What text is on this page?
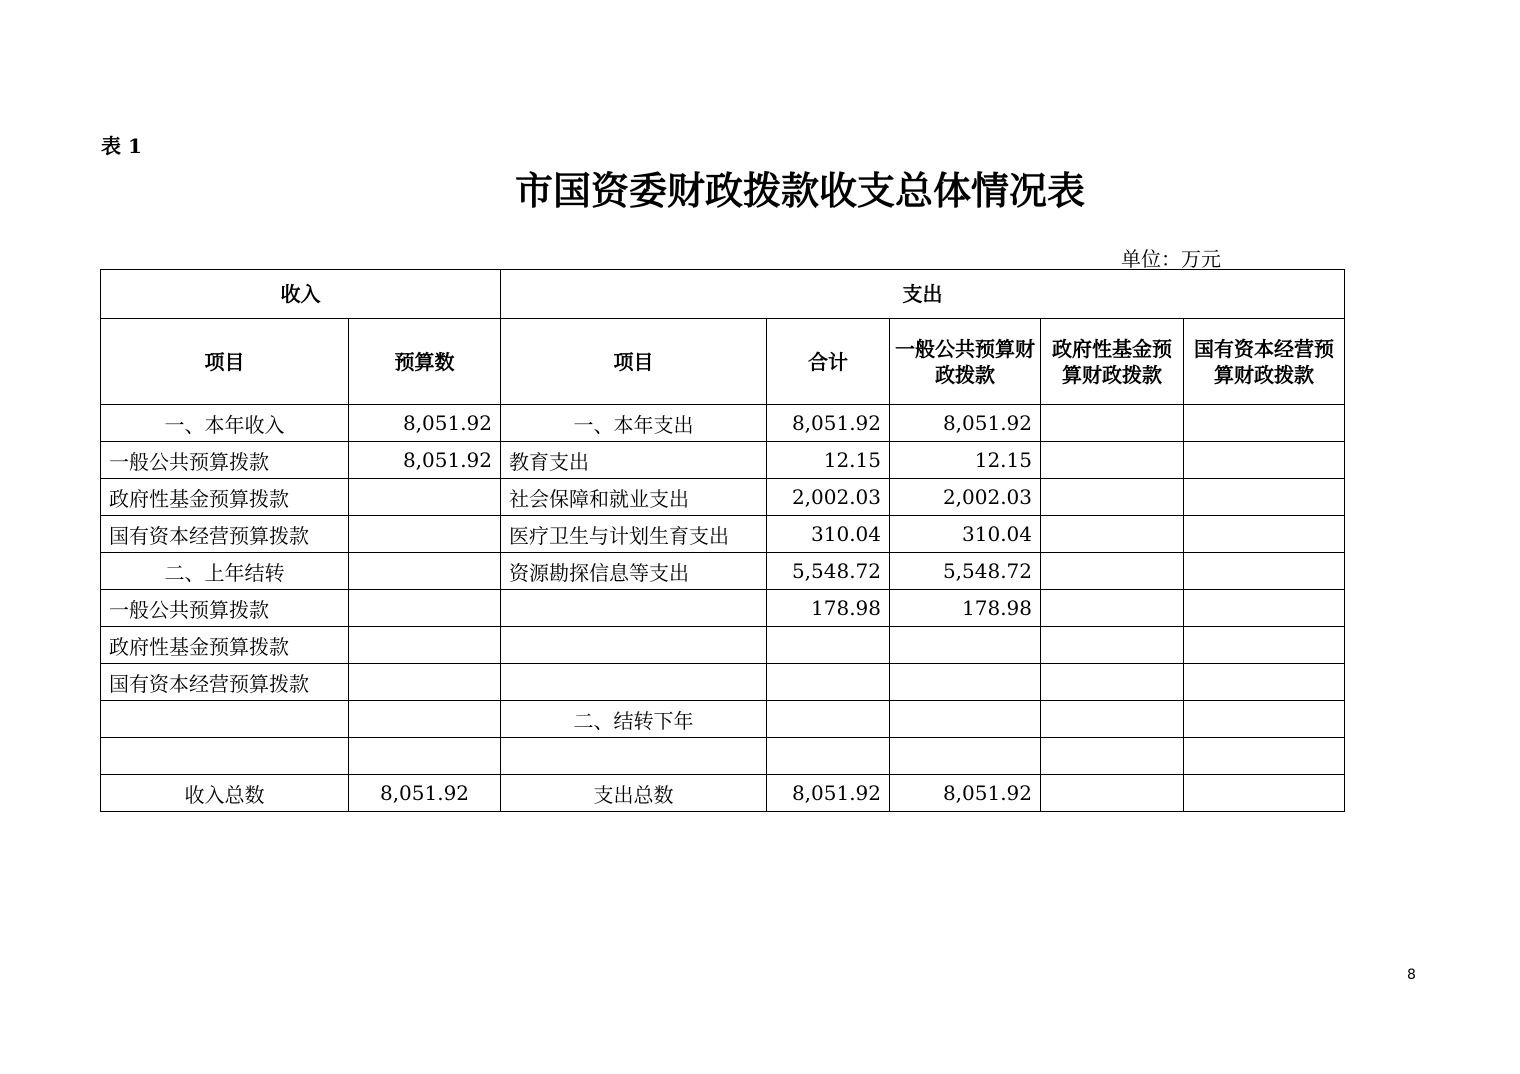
表 1
市国资委财政拨款收支总体情况表
单位：万元
收入		支出				
项目	预算数	项目	合计	一般公共预算财政拨款	政府性基金预算财政拨款	国有资本经营预算财政拨款
一、本年收入	8,051.92	一、本年支出	8,051.92	8,051.92		
一般公共预算拨款	8,051.92	教育支出	12.15	12.15		
政府性基金预算拨款		社会保障和就业支出	2,002.03	2,002.03		
国有资本经营预算拨款		医疗卫生与计划生育支出	310.04	310.04		
二、上年结转		资源勘探信息等支出	5,548.72	5,548.72		
一般公共预算拨款			178.98	178.98		
政府性基金预算拨款						
国有资本经营预算拨款						
		二、结转下年				

收入总数	8,051.92	支出总数	8,051.92	8,051.92		
8
